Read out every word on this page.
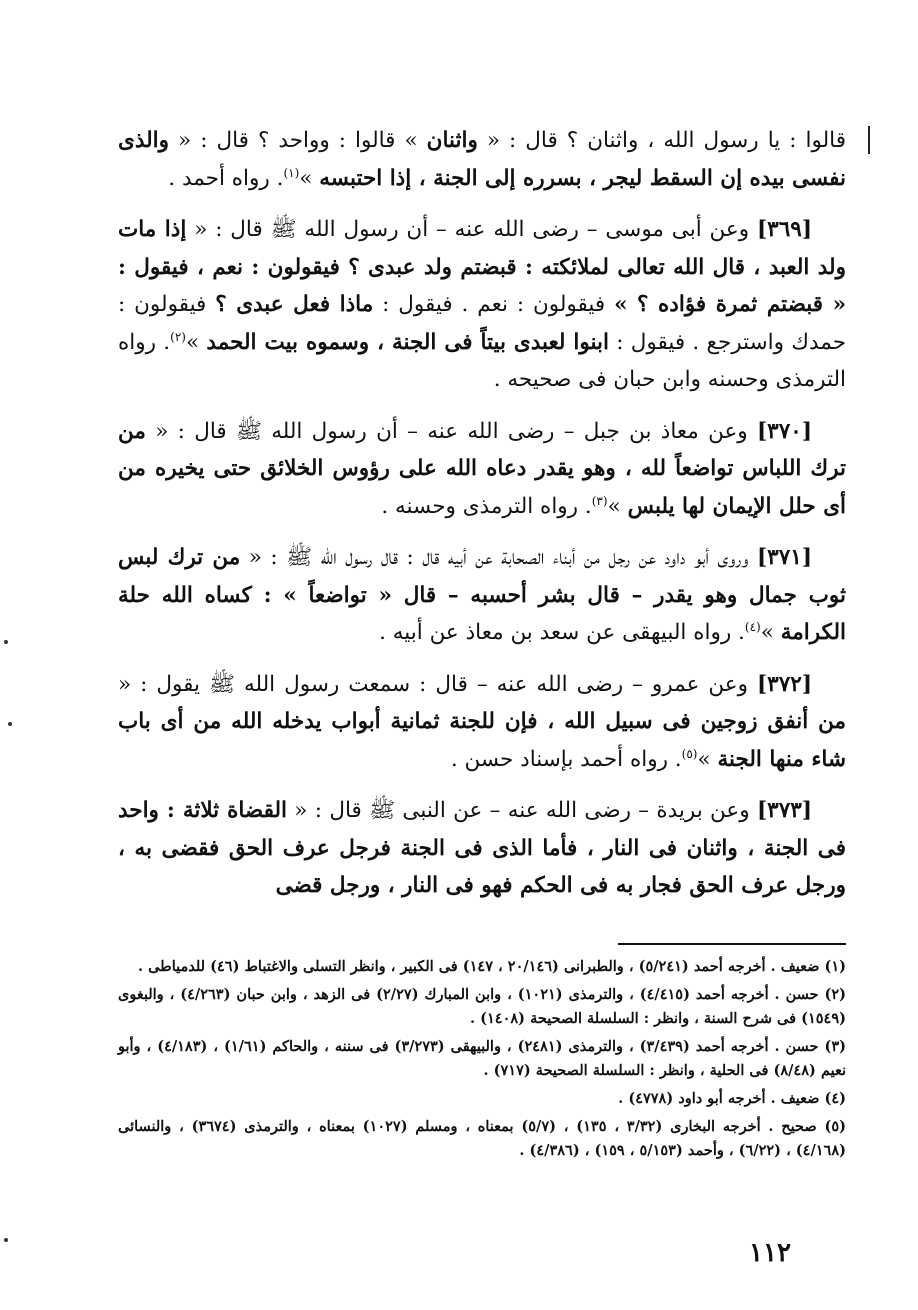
قالوا : يا رسول الله ، واثنان ؟ قال : « واثنان » قالوا : وواحد ؟ قال : « والذى نفسى بيده إن السقط ليجر ، بسرره إلى الجنة ، إذا احتبسه »$^{(١)}$. رواه أحمد .

[٣٦٩] وعن أبى موسى – رضى الله عنه – أن رسول الله ﷺ قال : « إذا مات ولد العبد ، قال الله تعالى لملائكته : قبضتم ولد عبدى ؟ فيقولون : نعم ، فيقول : « قبضتم ثمرة فؤاده ؟ » فيقولون : نعم . فيقول : ماذا فعل عبدى ؟ فيقولون : حمدك واسترجع . فيقول : ابنوا لعبدى بيتاً فى الجنة ، وسموه بيت الحمد »$^{(٢)}$. رواه الترمذى وحسنه وابن حبان فى صحيحه .

[٣٧٠] وعن معاذ بن جبل – رضى الله عنه – أن رسول الله ﷺ قال : « من ترك اللباس تواضعاً لله ، وهو يقدر دعاه الله على رؤوس الخلائق حتى يخيره من أى حلل الإيمان لها يلبس »$^{(٣)}$. رواه الترمذى وحسنه .

[٣٧١] وروى أبو داود عن رجل من أبناء الصحابة عن أبيه قال : قال رسول الله ﷺ : « من ترك لبس ثوب جمال وهو يقدر – قال بشر أحسبه – قال « تواضعاً » : كساه الله حلة الكرامة »$^{(٤)}$. رواه البيهقى عن سعد بن معاذ عن أبيه .

[٣٧٢] وعن عمرو – رضى الله عنه – قال : سمعت رسول الله ﷺ يقول : « من أنفق زوجين فى سبيل الله ، فإن للجنة ثمانية أبواب يدخله الله من أى باب شاء منها الجنة »$^{(٥)}$. رواه أحمد بإسناد حسن .

[٣٧٣] وعن بريدة – رضى الله عنه – عن النبى ﷺ قال : « القضاة ثلاثة : واحد فى الجنة ، واثنان فى النار ، فأما الذى فى الجنة فرجل عرف الحق فقضى به ، ورجل عرف الحق فجار به فى الحكم فهو فى النار ، ورجل قضى

(١) ضعيف . أخرجه أحمد (٥/٢٤١) ، والطبرانى (٢٠/١٤٦ ، ١٤٧) فى الكبير ، وانظر التسلى والاغتباط (٤٦) للدمياطى .
(٢) حسن . أخرجه أحمد (٤/٤١٥) ، والترمذى (١٠٢١) ، وابن المبارك (٢/٢٧) فى الزهد ، وابن حبان (٤/٢٦٣) ، والبغوى (١٥٤٩) فى شرح السنة ، وانظر : السلسلة الصحيحة (١٤٠٨) .
(٣) حسن . أخرجه أحمد (٣/٤٣٩) ، والترمذى (٢٤٨١) ، والبيهقى (٣/٢٧٣) فى سننه ، والحاكم (١/٦١) ، (٤/١٨٣) ، وأبو نعيم (٨/٤٨) فى الحلية ، وانظر : السلسلة الصحيحة (٧١٧) .
(٤) ضعيف . أخرجه أبو داود (٤٧٧٨) .
(٥) صحيح . أخرجه البخارى (٣/٣٢ ، ١٣٥) ، (٥/٧) بمعناه ، ومسلم (١٠٢٧) بمعناه ، والترمذى (٣٦٧٤) ، والنسائى (٤/١٦٨) ، (٦/٢٢) ، وأحمد (٥/١٥٣ ، ١٥٩) ، (٤/٣٨٦) .
١١٢
